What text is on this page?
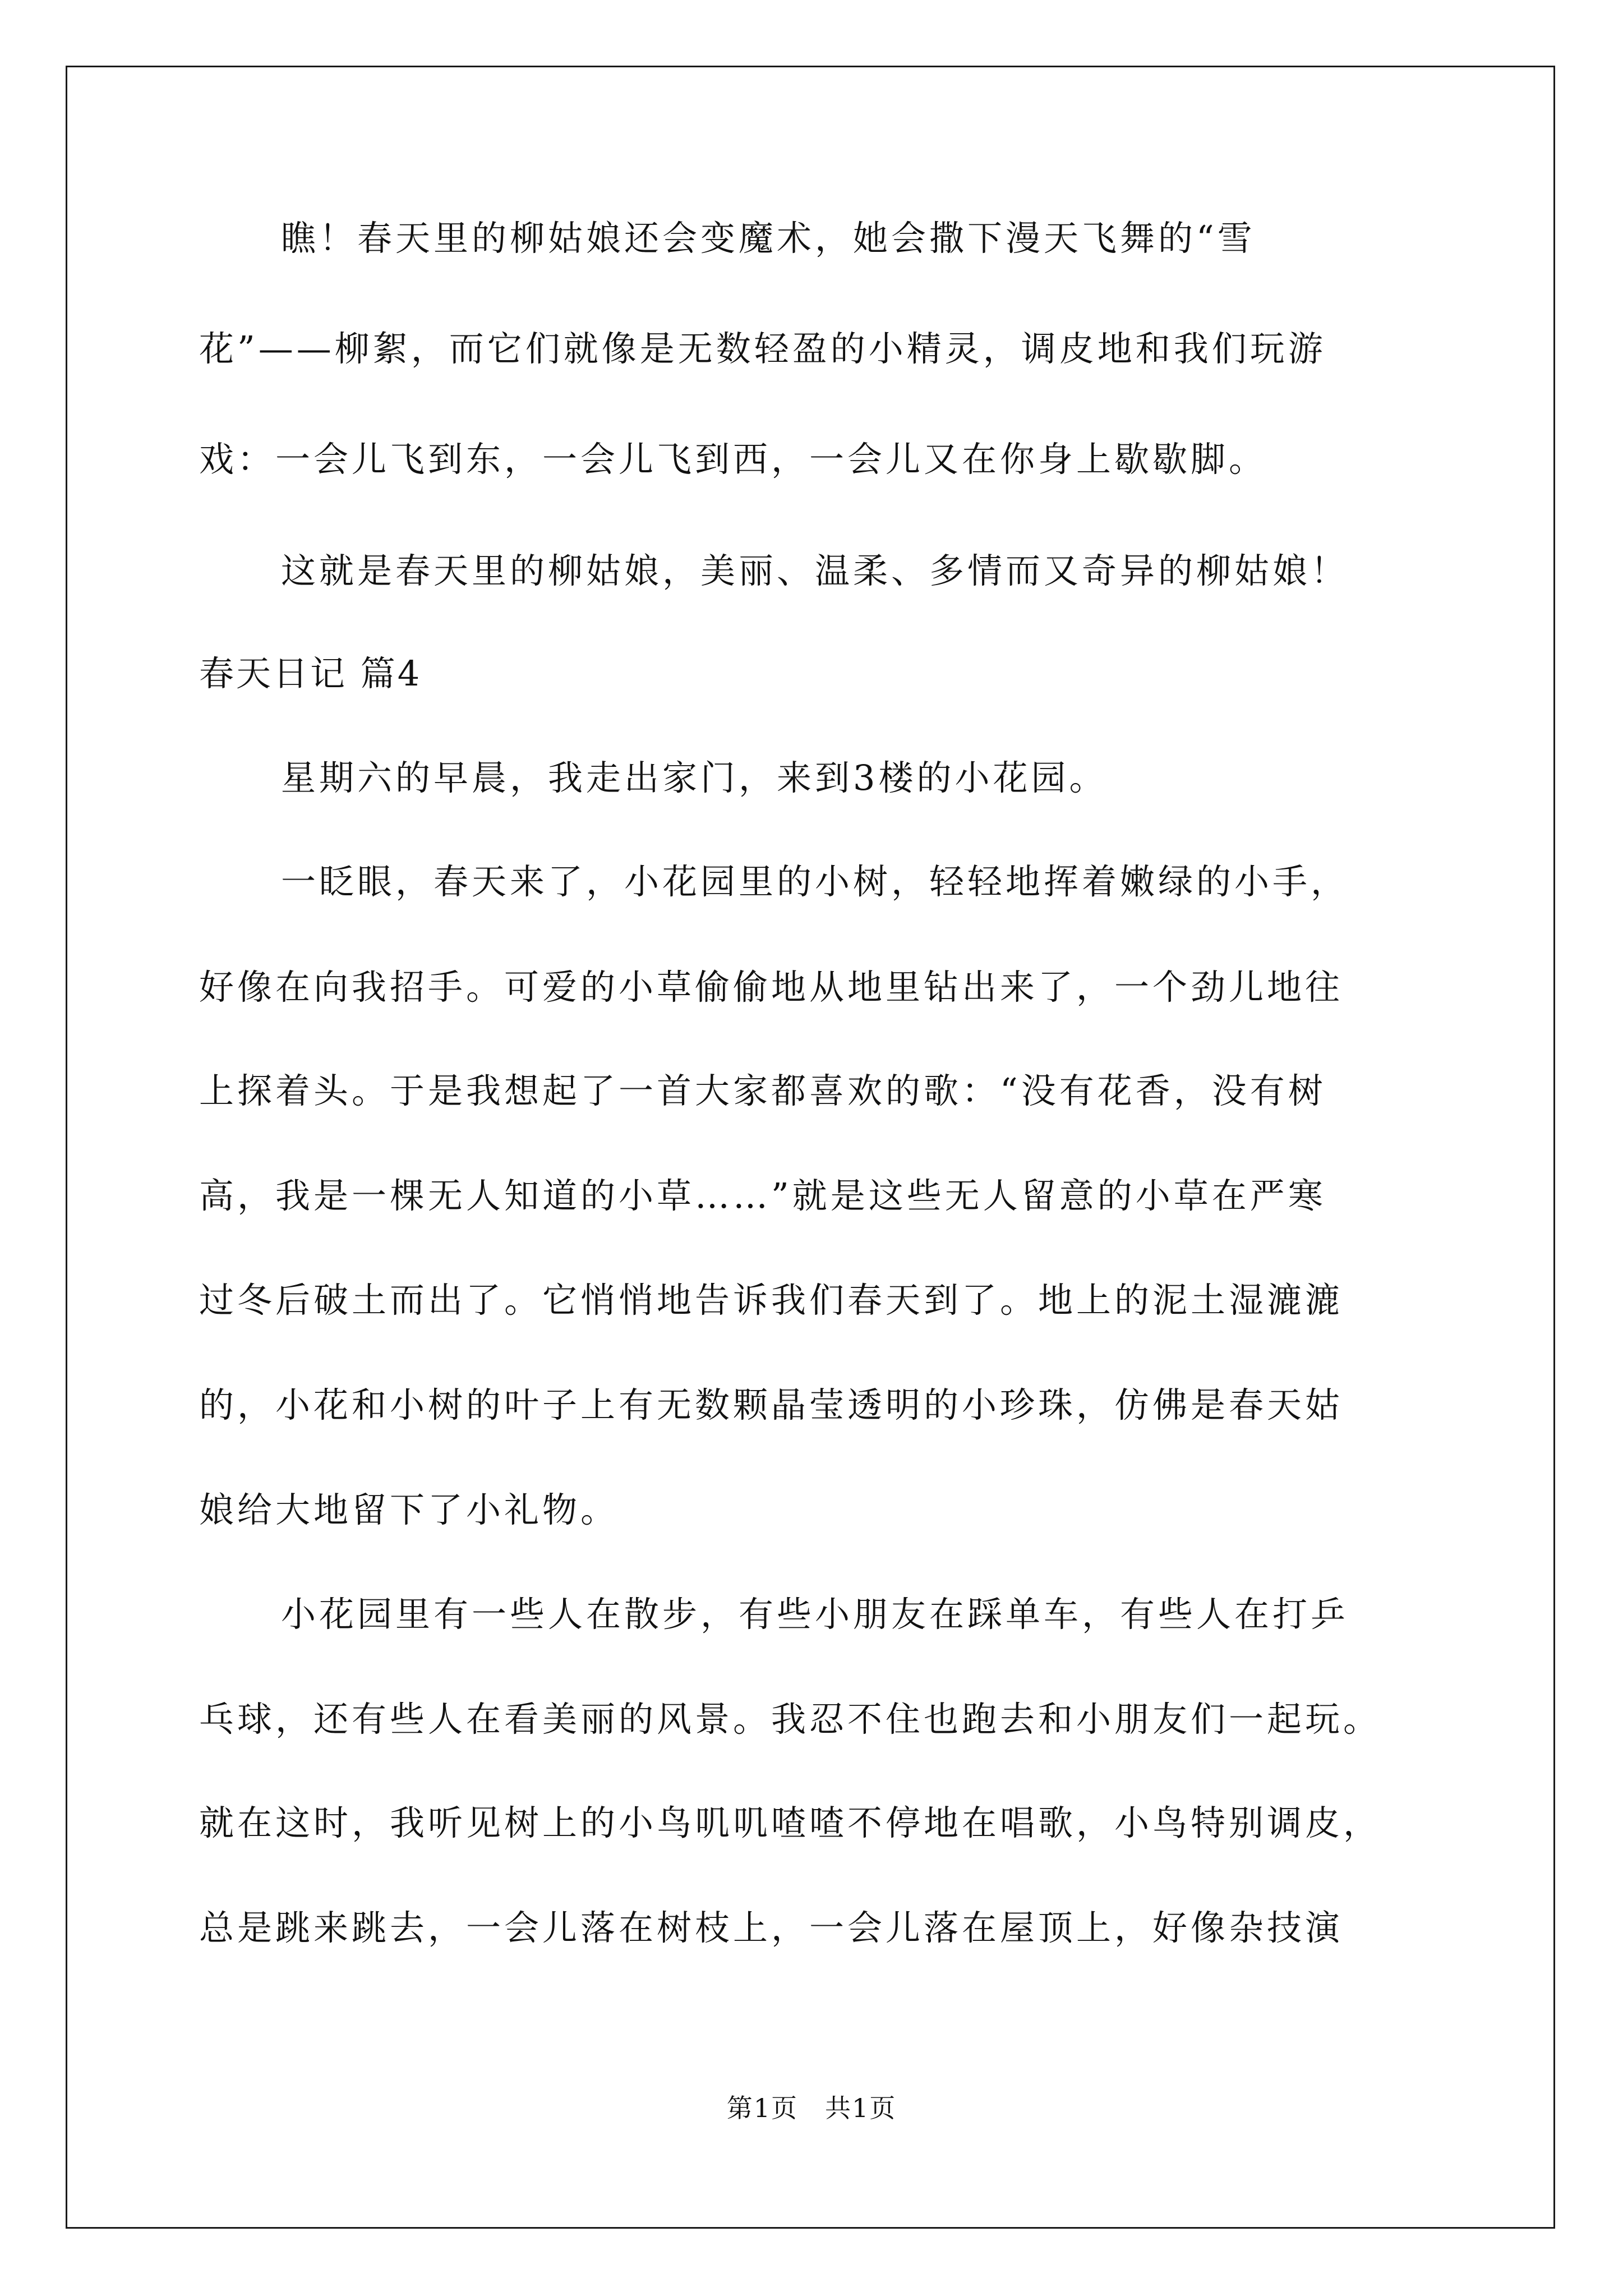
瞧！春天里的柳姑娘还会变魔术，她会撒下漫天飞舞的“雪
花”——柳絮，而它们就像是无数轻盈的小精灵，调皮地和我们玩游
戏：一会儿飞到东，一会儿飞到西，一会儿又在你身上歇歇脚。
这就是春天里的柳姑娘，美丽、温柔、多情而又奇异的柳姑娘！
春天日记 篇4
星期六的早晨，我走出家门，来到3楼的小花园。
一眨眼，春天来了，小花园里的小树，轻轻地挥着嫩绿的小手，
好像在向我招手。可爱的小草偷偷地从地里钻出来了，一个劲儿地往
上探着头。于是我想起了一首大家都喜欢的歌：“没有花香，没有树
高，我是一棵无人知道的小草……”就是这些无人留意的小草在严寒
过冬后破土而出了。它悄悄地告诉我们春天到了。地上的泥土湿漉漉
的，小花和小树的叶子上有无数颗晶莹透明的小珍珠，仿佛是春天姑
娘给大地留下了小礼物。
小花园里有一些人在散步，有些小朋友在踩单车，有些人在打乒
乓球，还有些人在看美丽的风景。我忍不住也跑去和小朋友们一起玩。
就在这时，我听见树上的小鸟叽叽喳喳不停地在唱歌，小鸟特别调皮，
总是跳来跳去，一会儿落在树枝上，一会儿落在屋顶上，好像杂技演
第1页　共1页
